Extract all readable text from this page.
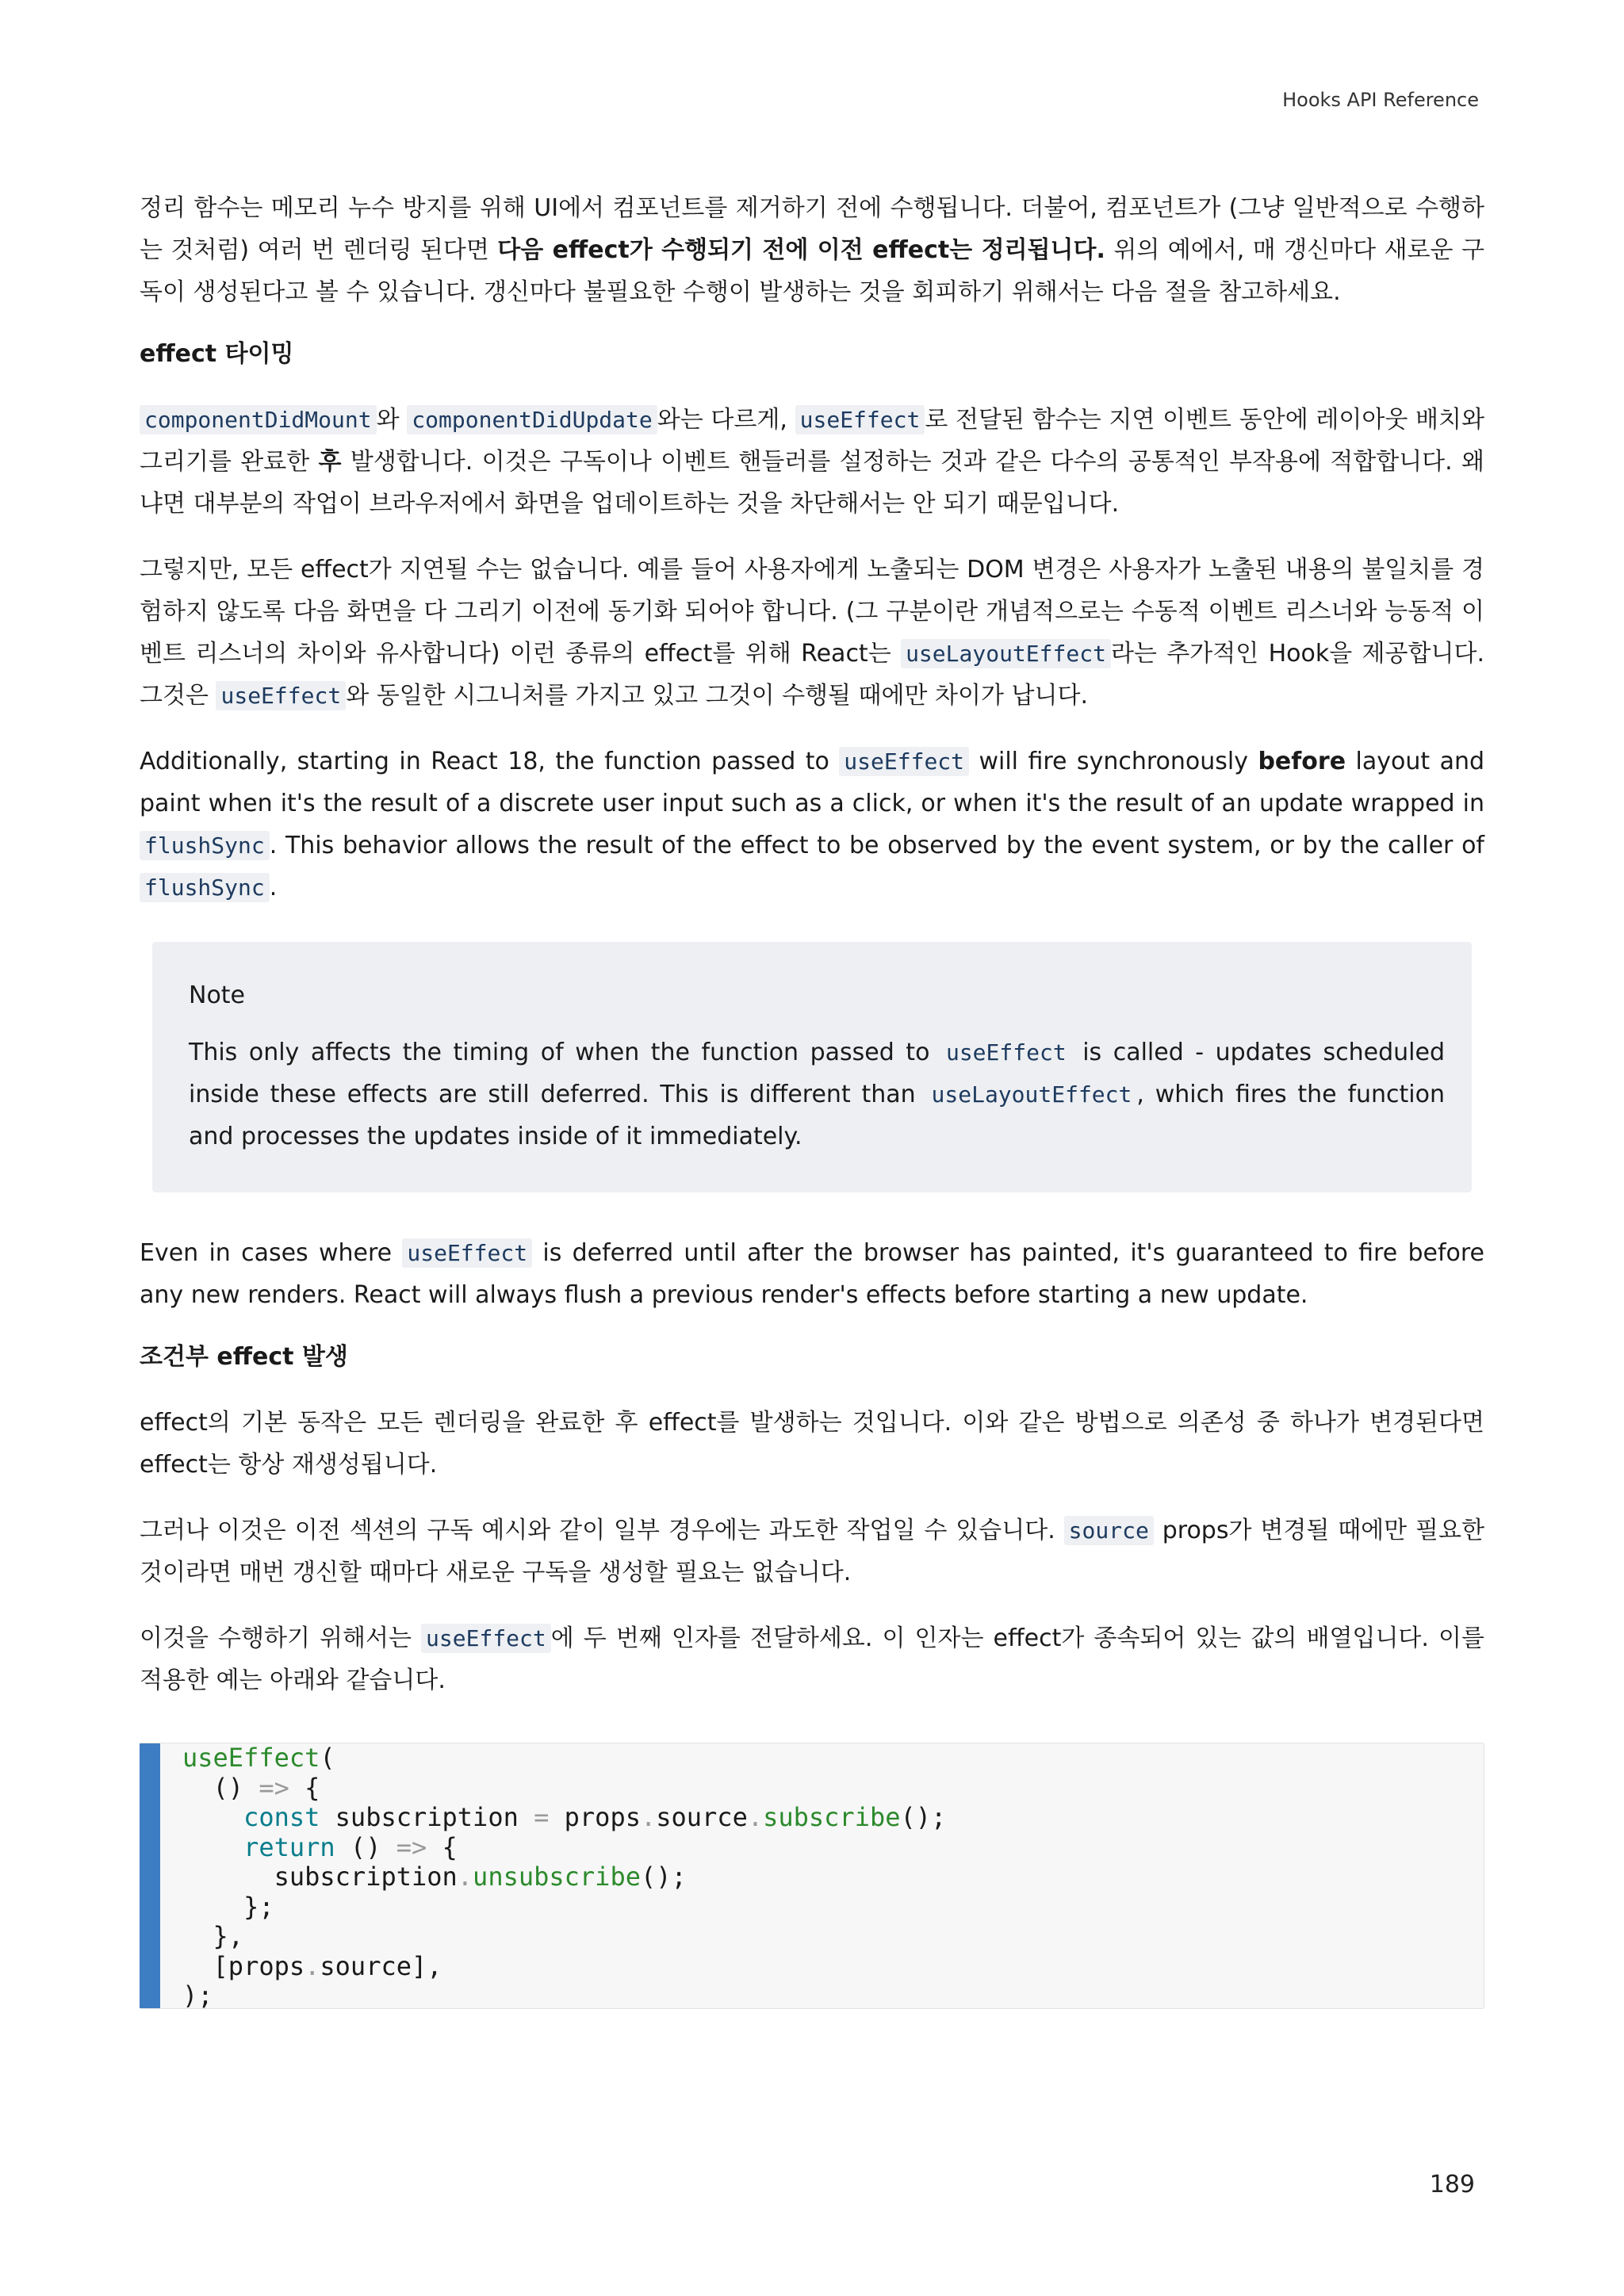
Hooks API Reference

정리 함수는 메모리 누수 방지를 위해 UI에서 컴포넌트를 제거하기 전에 수행됩니다. 더불어, 컴포넌트가 (그냥 일반적으로 수행하는 것처럼) 여러 번 렌더링 된다면 다음 effect가 수행되기 전에 이전 effect는 정리됩니다. 위의 예에서, 매 갱신마다 새로운 구독이 생성된다고 볼 수 있습니다. 갱신마다 불필요한 수행이 발생하는 것을 회피하기 위해서는 다음 절을 참고하세요.

effect 타이밍

componentDidMount 와 componentDidUpdate 와는 다르게, useEffect 로 전달된 함수는 지연 이벤트 동안에 레이아웃 배치와 그리기를 완료한 후 발생합니다. 이것은 구독이나 이벤트 핸들러를 설정하는 것과 같은 다수의 공통적인 부작용에 적합합니다. 왜냐면 대부분의 작업이 브라우저에서 화면을 업데이트하는 것을 차단해서는 안 되기 때문입니다.

그렇지만, 모든 effect가 지연될 수는 없습니다. 예를 들어 사용자에게 노출되는 DOM 변경은 사용자가 노출된 내용의 불일치를 경험하지 않도록 다음 화면을 다 그리기 이전에 동기화 되어야 합니다. (그 구분이란 개념적으로는 수동적 이벤트 리스너와 능동적 이벤트 리스너의 차이와 유사합니다) 이런 종류의 effect를 위해 React는 useLayoutEffect 라는 추가적인 Hook을 제공합니다. 그것은 useEffect 와 동일한 시그니처를 가지고 있고 그것이 수행될 때에만 차이가 납니다.

Additionally, starting in React 18, the function passed to useEffect will fire synchronously before layout and paint when it's the result of a discrete user input such as a click, or when it's the result of an update wrapped in flushSync . This behavior allows the result of the effect to be observed by the event system, or by the caller of flushSync .

Note

This only affects the timing of when the function passed to useEffect is called - updates scheduled inside these effects are still deferred. This is different than useLayoutEffect , which fires the function and processes the updates inside of it immediately.

Even in cases where useEffect is deferred until after the browser has painted, it's guaranteed to fire before any new renders. React will always flush a previous render's effects before starting a new update.

조건부 effect 발생

effect의 기본 동작은 모든 렌더링을 완료한 후 effect를 발생하는 것입니다. 이와 같은 방법으로 의존성 중 하나가 변경된다면 effect는 항상 재생성됩니다.

그러나 이것은 이전 섹션의 구독 예시와 같이 일부 경우에는 과도한 작업일 수 있습니다. source props가 변경될 때에만 필요한 것이라면 매번 갱신할 때마다 새로운 구독을 생성할 필요는 없습니다.

이것을 수행하기 위해서는 useEffect 에 두 번째 인자를 전달하세요. 이 인자는 effect가 종속되어 있는 값의 배열입니다. 이를 적용한 예는 아래와 같습니다.

useEffect(
() => {
const subscription = props.source.subscribe();
return () => {
subscription.unsubscribe();
};
},
[props.source],
);
189
